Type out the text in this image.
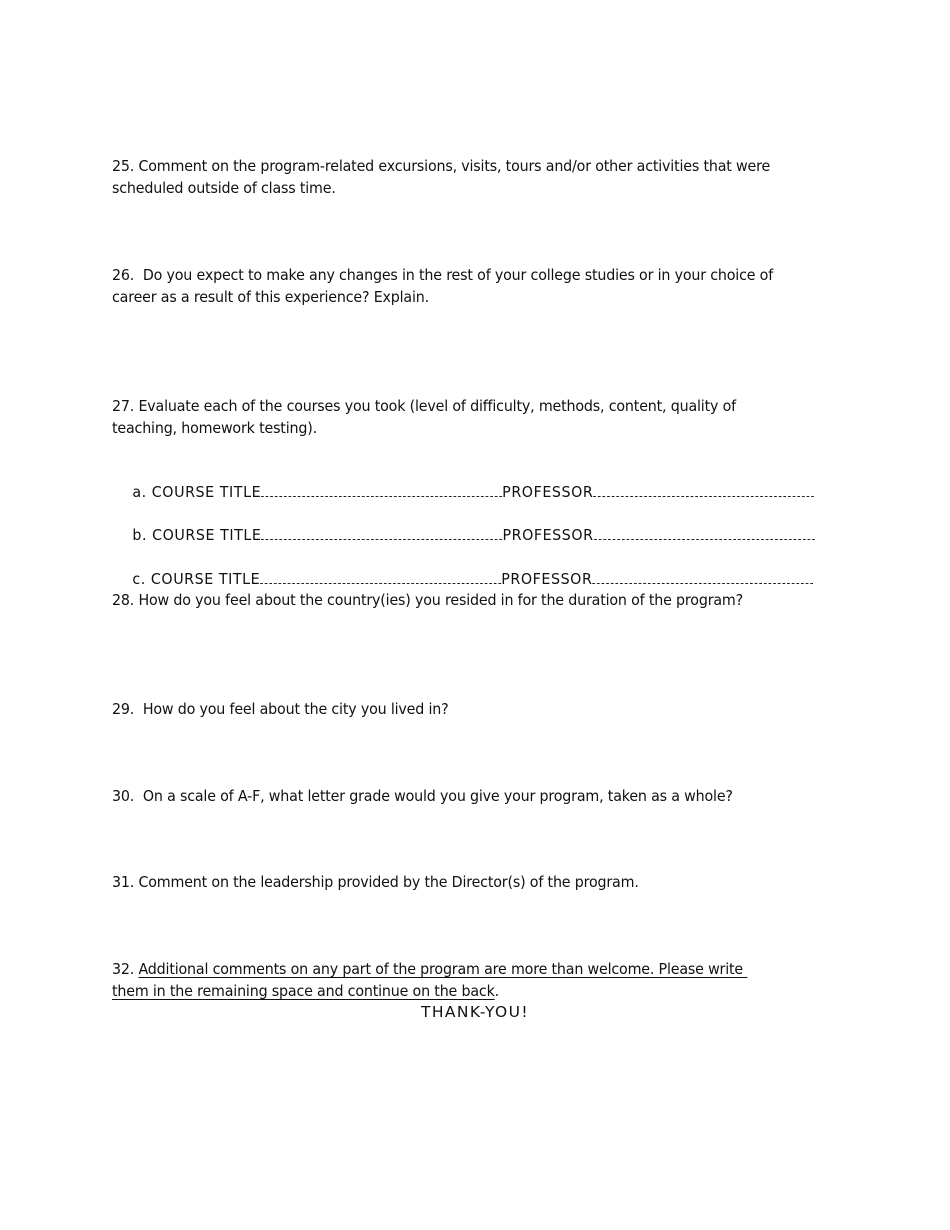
25. Comment on the program-related excursions, visits, tours and/or other activities that were scheduled outside of class time.

26.  Do you expect to make any changes in the rest of your college studies or in your choice of career as a result of this experience? Explain.

27. Evaluate each of the courses you took (level of difficulty, methods, content, quality of teaching, homework testing).

a. COURSE TITLE	PROFESSOR

b. COURSE TITLE	PROFESSOR

c. COURSE TITLE	PROFESSOR

28. How do you feel about the country(ies) you resided in for the duration of the program?

29.  How do you feel about the city you lived in?

30.  On a scale of A-F, what letter grade would you give your program, taken as a whole?

31. Comment on the leadership provided by the Director(s) of the program.

32. Additional comments on any part of the program are more than welcome. Please write them in the remaining space and continue on the back.

THANK-YOU!
